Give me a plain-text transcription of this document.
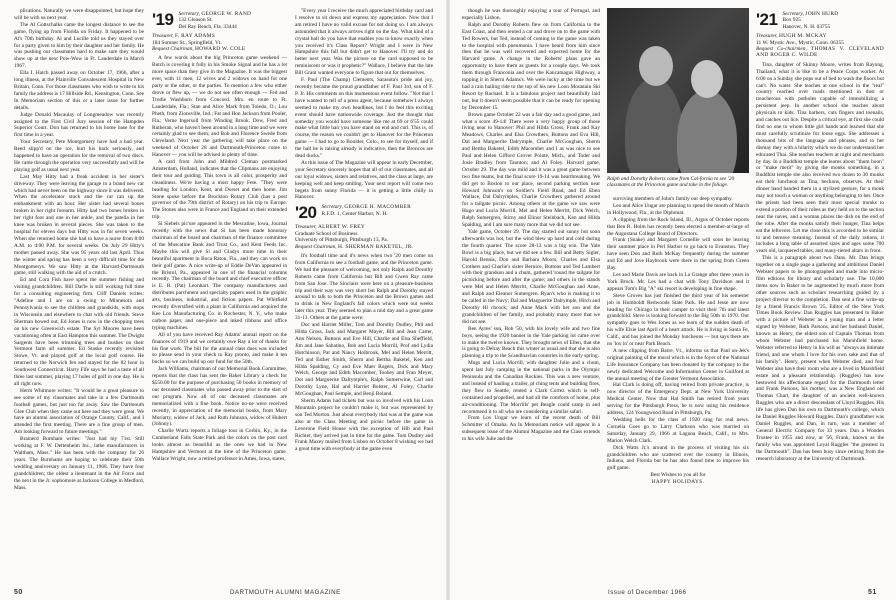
plications. Naturally we were disappointed, but hope they will be with us next year.

The Al Gottschalks came the longest distance to see the game, flying up from Florida on Friday. It happened to be Al's 70th birthday. Al and Lucille told us they stayed over for a party given to him by their daughter and her family. He was pushing our classmates hard to make sure they would show up at the next Pow-Wow in Ft. Lauderdale in March 1967.

Ella I. Hatch passed away on October 17, 1966, after a long illness, at the Plainville Convalescent Hospital in New Britain, Conn. For those classmates who wish to write to his family the address is 17 Hillside Rd., Kensington, Conn. See In Memoriam section of this or a later issue for further details.

Judge Donald Macaulay of Longmeadow was recently assigned to the First Civil Jury session of the Hampden Superior Court. Don has returned to his home base for the first time in a year.

Your Secretary, Pete Montgomery have had a bad year. Reed slipp'd on the ice, hurt his back seriously, and happened to have an operation for the removal of two discs. He came through the operation very successfully and will be playing golf as usual next year.

Last May Hitty had a freak accident in her sister's driveway. They were leaving the garage in a brand new car which had never been on the highway since it was delivered. When the accelerator stuck and the car ran up the embankment with an hour. Her sister had several bones broken in her right forearm. Hitty had two bones broken in her right foot and one in her ankle, and the patella in her knee was broken in several pieces. She was taken to the hospital for eleven days but Hitty was in for seven weeks. When she returned home she had to have a nurse from 8:00 A.M. to 4:00 P.M. for several weeks. On July 29 Hitty's mother passed away. She was 95 years old last April. Thus the winter and spring has been a very difficult time for the Montgomerys. We saw Hitty at the Harvard-Dartmouth game, still walking with the aid of a crutch.

Ed and Cora Fish have spent the summer fishing and visiting grandchildren. Bill Dat'le is still working full time for a consulting engineering firm. Cliff Daniels writes: "Adeline and I are on a swing to Minnesota and Pennsylvania to see the children and grandkids, with stops in Wisconsin and elsewhere to chat with old friends. Steve Sherman bowed out, Ed Jones is now in the chopping trees on his new Greenwich estate. The Syl Moores have been vacationing often at East Hampton this summer. The Dwight Sargents have been trimming trees and bushes on their Vermont farm all summer. Ed Staske recently revisited Stowe, Vt. and played golf at the local golf course. He returned to the Norwich fen and stayed for the 82 hour in Southwest Connecticut. Harry Fife says he had a taste of all three last summer, playing 17 holes of golf in one day. He is all right now.

Herm Whitmore writes: "It would be a great pleasure to see some of my classmates and take in a few Dartmouth football games, but just too far away. Saw the Dartmouth Glee Club when they came out here and they were great. We have an alumni association of Orange County, Calif., and I attended the first meeting. There are a fine group of men. Am looking forward to future meetings."

Brainerd Burnham writes: "Just had my 71st. Still working at F. W. Dettenheim Inc., lathe manufacturers in Waltham, Mass." He has been with the company for 26 years. The Burnhams are hoping to celebrate their 50th wedding anniversary on January 11, 1968. They have four grandchildren; the oldest a lieutenant in the Air Force and the next in the Jr. sophomore at Jackson College in Medford, Mass.

'19 Secretary, GEORGE W. RAND
132 Gleason St.
Del Ray Beach, Fla. 33444
Treasurer, F. RAY ADAMS
184 Sumner St., Springfield, Vt.
Bequest Chairman, HOWARD W. COLE

A few words about the big Princeton game weekend — Butch is covering it fully in his Smoke Signal and he has a lot more space than they give in the Magazine. It was the biggest ever, with 11 men, 12 wives and 2 widows on hand for one party or the other, or the parties. To mention a few who either drove or flew up, — we do not see often enough — Fed and Trudie Washburn from Concord. Mrs. en route to Ft. Lauderdale, Fla.; Stan and Alice Mark from Toledo, O.; Lou Pheth, from Zionsville, Ind.; Fat and Hon Jackson from Pooler, Fla.; Verne Ingersoll from Winding Brook. Dow, Fred and Rutheran, who haven't been around in a long time and we were certainly glad to see them; and Bob and Florence Swede from Cleveland. Next year the gathering will take place on the weekend of October 28 and Dartmouth-Princeton come to Hanover — you will be advised in plenty of time.

A card from John and Mildred Cleman postmarked Amsterdam, Holland, indicates that the Clipmans are enjoying their tour and guiding. This town is all color, prosperity and cleanliness. We're having a most happy Fete. "They were heading for London, Kent, and Dorset and then home. Jim Stone spoke before the Brockton Rotary Club (has a post governor of the 79th district of Rotary) on his trip to Europe. The Stones also were in France and England on their extended trip.

Si Siebels pic'ure appeared in the Mescatine, Iowa, Journal recently with the news that Si has been made honorary chairman of the board and chairman of the finance committee of the Muscatine Bank and Trust Co., and Kent Feeds Inc. Maybe this will give Si and Gladys more time in their beautiful apartment in Boca Raton, Fla., and they can work on their golf game. A nice write-up of Eddie DeVan appeared in the Bristol, Pa., appeared in one of the financial columns recently. The chairman of the board and chief executive officer is E. R. (Pat) Leonhart. The company manufactures and distributes parchment and specialty papers used in the graphic arts, business, industrial, and fiction papers. Pat Whitfield recently diversified with a plant in California and acquired the Kee Lox Manufacturing Co. in Rochester, N. Y., who make carbon paper, and one-piece and inked ribbons and office typing machines.

All of you have received Ray Adams' annual report on the finances of 1919 and we certainly owe Ray a lot of thanks for his fine work. The bill for the annual class dues was included so please send in your check to Ray pronto, and make it ten bucks so we can build up our fund for the 50th.

Jack Williams, chairman of our Memorial Book Committee, reports that the class has sent the Baker Library a check for $550.00 for the purpose of purchasing 50 books in memory of our deceased classmates who passed away prior to the start of our program. Now all of our deceased classmates are memorialized with a fine book. Notice no-ne were received recently, in appreciation of the memorial books, from Mary Moriarty, widow of Jack, and Ruth Johnson, widow of Hubert (Johnny).

Charlie Wurtz reports a foliage tour in Corbin, Ky., in the Cumberland Falls State Park and the colors on the post card looks almost as beautiful as the ones we had in New Hampshire and Vermont at the time of the Princeton game. Wallace Wright, now a retired professor in Ames, Iowa, states,

"Every year I receive the much appreciated birthday card and I resolve to sit down and express my appreciation. Now that I am retired I have no valid excuse for not doing so. I am always astounded that it always arrives right on the day. What kind of a crystal ball do you have that enables you to know exactly when you received it's Class Report? Wright and I were in New Hampshire this fall but didn't get to Hanover. I'll try and do better next year. Was the picture on the card supposed to be reminiscent or was it prophetic?" Wallace, I believe that the late Bill Grant wanted everyone to figure that out for themselves.

F. Paul (The Champ) Clements, Sarasota's pride and joy, recently became the proud grandfather of F. Paul 3rd, son of F. P. Jr. His comments on this momentous event follow. "Not that I have wanted to tell of a press agent, because somehow I always seemed to make my own headlines, but I do feel this exciting event should have nationwide coverage. Just the thought that someday you would have someone like me at 69 or 6'55 could make what little hair you have stand on end and curl. This is, of course, the reason we couldn't get to Hanover for the Princeton game — I had to go to Boulder, Colo., to see for myself, and if the ball he is raising already is indicative, then the Broncos are dead ducks."

As this issue of The Magazine will appear in early December, your Secretary sincerely hopes that all of our classmates, and all our loyal widows, sisters and relatives, and the class at large, are keeping well and keep smiling. Your next report will come two begets from sunny Florida — it is getting a little chilly in Hanover.

'20 Secretary, GEORGE H. MACOMBER
R.F.D. 1, Center Harbor, N. H.
Treasurer, ALBERT W. FREY
Graduate School of Business
University of Pittsburgh, Pittsburgh 13, Pa.
Bequest Chairman, H. SHERMAN BAKETEL, JR.

It's football time and it's news when two '20 men come on from California to see a football game, and the Princeton game. We had the pleasure of welcoming, not only Ralph and Dorothy Roberts came from California but Bill and Gwen Ray came from San Jose. The Sinclairs were here on a pleasure-business trip and their way was very short but Ralph and Dorothy stayed around to talk to both the Princeton and the Brown games and to drink in New England's fall colors which were out weeks later this year. They seemed to plan a mid day and a great game 31-13. Others at the game were:

Doc and Harriet Miller, Tom and Dorothy Dudley, Phil and Hilda Gross, Jack and Margaret Mayer, Bill and Jean Carter, Ann Nelson, Buttons and Eve Hill, Charlie and Elsa Sheffield, Jim and Jane Sabatino, Bob and Lucia Morrill, Prof and Lydia Hutchinson, Pat and Nancy Holbrook, Mel and Helen Merritt, Ted and Esther Smith, Sherm and Bertha Baketel, Ken and Hilda Spalding, Cy and Eve Maer Rogers, Dick and Mary Welch, George and Edith Macomber, Toohey and Fran Meyer, Dot and Marguerite Dalrymple's, Ralph Sumerwine, Carl and Dorothy Lyne, Hal and Harriet Bolster, Al Foley, Charlie McGoughan, Paul Semple, and Benji Boland.

Sherm Adams had tickets but was so involved with his Loon Mountain project he couldn't make it, but was represented by son Ted Morton. Just about everybody that was at the game was also at the Class Meeting and picnic before the game in Leverone Field House with the exception of Hib and Paul Richter, they arrived just in time for the game. Tom Dudley and Frank Maxey mailed from Lisbon on October 8 wishing we had a great time with everybody at the game even

50	DARTMOUTH ALUMNI MAGAZINE

though he was thoroughly enjoying a tour of Portugal, and especially Lisbon.

Ralph and Dorothy Roberts flew on from California to the East Coast, and then rented a car and drove on to the game with Ted Rowers, but Ted, instead of coming to the game was taken to the hospital with pneumonia. I have heard from him since then that he was well recovered and expected home for the Harvard game. A change in the Roberts' plans gave an opportunity to have them as guests for a couple days. We took them through Franconia and over the Kancamagus Highway, a topping it in Sherm Adams's. We were lucky at the time but we had a rain hailing ride to the top of his new Loon Mountain Ski Resort by Rachael. It is a fabulous project and beautifully laid out, but it doesn't seem possible that it can be ready for opening by December 15.

Brown game October 22 was a fair day and a good game, and what a score 49-14! There were a very happy group of those living near to Hanover: Phil and Hilda Gross, Frank and Kay Meadows, Charles and Elsa Crowthers, Buttons and Eva Hill, Dal and Marguerite Dalrymple, Charlie McGoughan, Sherm and Bertha Baketel, Edith Macomber and I as was nice to see Paul and Helen Gifford Grover Pointe, Mich., and Toder and Josie Bradley from Taunton; and Al Foley. Harvard game, October 29. The day was mild and it was a great game between two fine teams, but the final score 19-14 was heartbreaking. We did get to Boston to our place, second parking section near Howard Johnson's on Soldier's Field Road, and Ed Eben Wallace, Dal Dalrymples, Charlie Crowthers gathered around for a tailgate picnic. Among others at the game we saw were Hugo and Lucia Morrill, Mel and Helen Merritt, Dick Welch, Ralph Sumergren, Stirny and Elinor Steinbach, Ken and Hilda Spalding, and I am sure many more that we did not see.

Yale game, October 29. The day started out sunny but soon afterwards was hot, but the wind blew up hard and cold during the fourth quarter. The score 28-13 was a big win. The Yale Bowl is a big place, but we did see a few. Bill and Betty Sigler, Harold Bennis, Don and Barbara Moors, Charles and Elsa Crothers and Charlie's sister Bernice, Buttons and Ted Lambert with their grandson and a chum, gathered 'round the tailgate for picnicking before and after the game; and others in the stands were Mel and Helen Merritt, Charlie McGoughan and Anne, and Ralph and Eleanor Sumergren. Ryan's who is making it to be called in the Navy; Dal and Marguerite Dalrymple, Hitch and Dorothy Hi chcock; and Anne Mack with her son and the grandchildren of her family, and probably many more that we did not see.

Ben Ayres' son, Bob '50, with his lovely wife and two fine boys, seeing the 1920 banner in the Yale parking lot came over to make the twelve known. They brought news of Ellen, that she is going to Delray Beach this winter as usual and that she is also planning a trip to the Scandinavian countries in the early spring.

Mugs and Lucia Morrill, with daughter Julie and a chum, spent last July camping in the national parks in the Olympic Peninsula and the Canadian Rockies. This was a new venture, and instead of hauling a trailer, pl ching tents and building fires, they flew to Seattle, rented a Clark Cortez which is self-contained and propelled, and had all the comforts of home, plus air-conditioning. The Morrills' pet Beagle could camp in and recommend it to all who are considering a similar safari.

From Los Ungar we learn of the recent death of Bill Schmitter of Omaha. An In Memoriam notice will appear in a subsequent issue of the Alumni Magazine and the Class extends to his wife Julie and the

surviving members of John's family our deep sympathy.

Leo and Alice Ungar are planning to spend the month of March in Hollywood, Fla., at the Diplomat.

A clipping from the Rock Island, Ill., Argus of October reports that Ben R. Holm has recently been elected a member-at-large of the Augustana College Board of Directors.

Frank (Snake) and Margaret Cornellie will soon be leaving their summer place in Perl Harbor to go back to Evanston. They have seen Don and Ruth McKay frequently during the summer and Ed and Jove Haybrook were there in the spring from Green Bay.

Les and Marie Davis are back in La Grange after three years in York Brock. Mr. Les had a chat with Tony Davidson and it appears Tom's Big "A" ski resort is developing in fine shape.

Steve Groves has just finished the third year of his semester job in Humboldt Redwoods State Park. He and Jesse are now heading for Chicago in their camper to visit their 7th and latest grandchild. Steve is looking forward to the Big 50th in 1970. Our sympathy goes to Wes Jones as we learn of the sudden death of his wife Elsie last April of a heart attack. He is living in Santa Fe, Calif., and has joined the Monday luncheons — but says there are no 'lox in' or near Park Beach.

A new clipping from Barre, Vt., informs us that Paul on-Jek's original painting of the mural which is in the foyer of the National Life Insurance Company has been donated by the company to the newly dedicated Welcome and Information Center in Guilford at the annual meeting of the Greater Vermont Association.

Hal Clark is doing off, having retired from private practice, is now director of the Emergency Dept. at New York University Medical Center. Now that Hal Smith has retired from years serving for the Pittsburgh Press, he is now using his residence address, 124 Youngwood Road in Pittsburgh, Pa.

Wedding bells for the class of 1920 rang for real news. Cornelia Goes go to Larry Clarkson who was married on Saturday, January 29, 1966 at Laguna Beach, Calif., to Mrs. Marion Welch Clark.

Dick Watts Jr.'s around in the process of visiting his six grandchildren who are scattered over the country in Illinois, Indiana, and Florida but he has also found time to improve his golf game.

Best Wishes to you all for

HAPPY HOLIDAYS.

'21 Secretary, JOHN HURD
Box 925
Hanover, N. H. 03755
Treasurer, HUGH M. MCKAY
11 W. Mystic Ave., Mystic, Conn. 06355
Bequest Co-chairmen, THOMAS V. CLEVELAND AND ROGER C. WILDE

Tina, daughter of Skinny Moore, writes from Rayong, Thailand, what it is like to be a Peace Corps worker. At 6:00 on a Sunday she pops out of bed to wash the floors but can't. No water. She teaches at one school in the "real" country reached over roads mentioned in dust or treacherous with potholes capable of immobilizing a persistent jeep. In another school she teaches about physicals to kids. Tina barbers, cuts fingers and toenails, and catches out lice. Despite a critical eye, at first she could find no one to whom little girl hands and learned that she must carefully scrutinize for loose eggs. She addresses a thousand bits of the language and phrases, and to her dismay they with a hilarity which we do not understand her educated Thai. She teaches teachers at night and merchants by day. In a Buddhist temple she learns about "thum boon" or "make merit" by giving the monks something, in a Buddhist temple she also received two dozen to 30 monks eat their luncheon as Tina, beckons, observes. At their dinner hand handed them in a stylized gesture, for a monk may not touch a woman or anything belonging to her. Once the priests had been seen their most special monks to extend a portion of their robes as they held on to the section near the naves, and a woman places the dish on the end of the robe. After the monks satisfy their hunger, Tina helps eat the leftovers. Let me close this is accorded to be similar to and bereave meaning. Instead of the daily rations, it includes a long table of assorted sizes and ages some 700 years old, lacquered tables, and many-tiered altars in front.

This is a paragraph about two Dans. Mr. Dan brings together on a single page a gathering and ambitious Daniel Webster papers to be photographed and made into micro-film editions for library and scholarly use. The 10,000 items now in Baker to be augmented by much more from other sources such as scholars researching guided by a project director to the completion. Dan sent a fine write-up by a friend Francis Brown '25, Editor of the New York Times Book Review. Dan Ruggles has presented to Baker with a picture of Webster as a young man and a letter signed by Webster, Ruth Parsons, and her husband Daniel, known as Henry, the eldest son of Captain Thomas from whom Webster had purchased his Marshfield home. Webster referred to Henry in his will as "always an intimate friend, and one whom I love for his own sake and that of his family". Henry, present when Webster died, and four Webster also have their room who are a lived in Marshfield estate and a pleasant relationship. (Ruggles) has now bestowed his affectionate regard for the Dartmouth letter and Frank Parsons, his mother, was a New England old Thomas Chart, the daughter of an ancient well-known Ruggles who are a direct descendant of Lloyd Ruggles. His life has given Dan his own to Dartmouth's college, which he Daniel Ruggles Howard Ruggles. Dan's grandfather was Daniel Ruggles, and Dan, in turn, was a member of General Electric Company for 33 years. Dan a Wooden Trustee in 1955 and now, at '56, Frank, known as the family who was appointed Loyal Ruggles "the greatest in the Dartmouth". Dan has been busy since retiring from the research laboratory at the University of Dartmouth.

Issue of December 1966	51
Ralph and Dorothy Roberts came from Cal-fornia to see '20 classmates at the Princeton game and take in the foliage.
